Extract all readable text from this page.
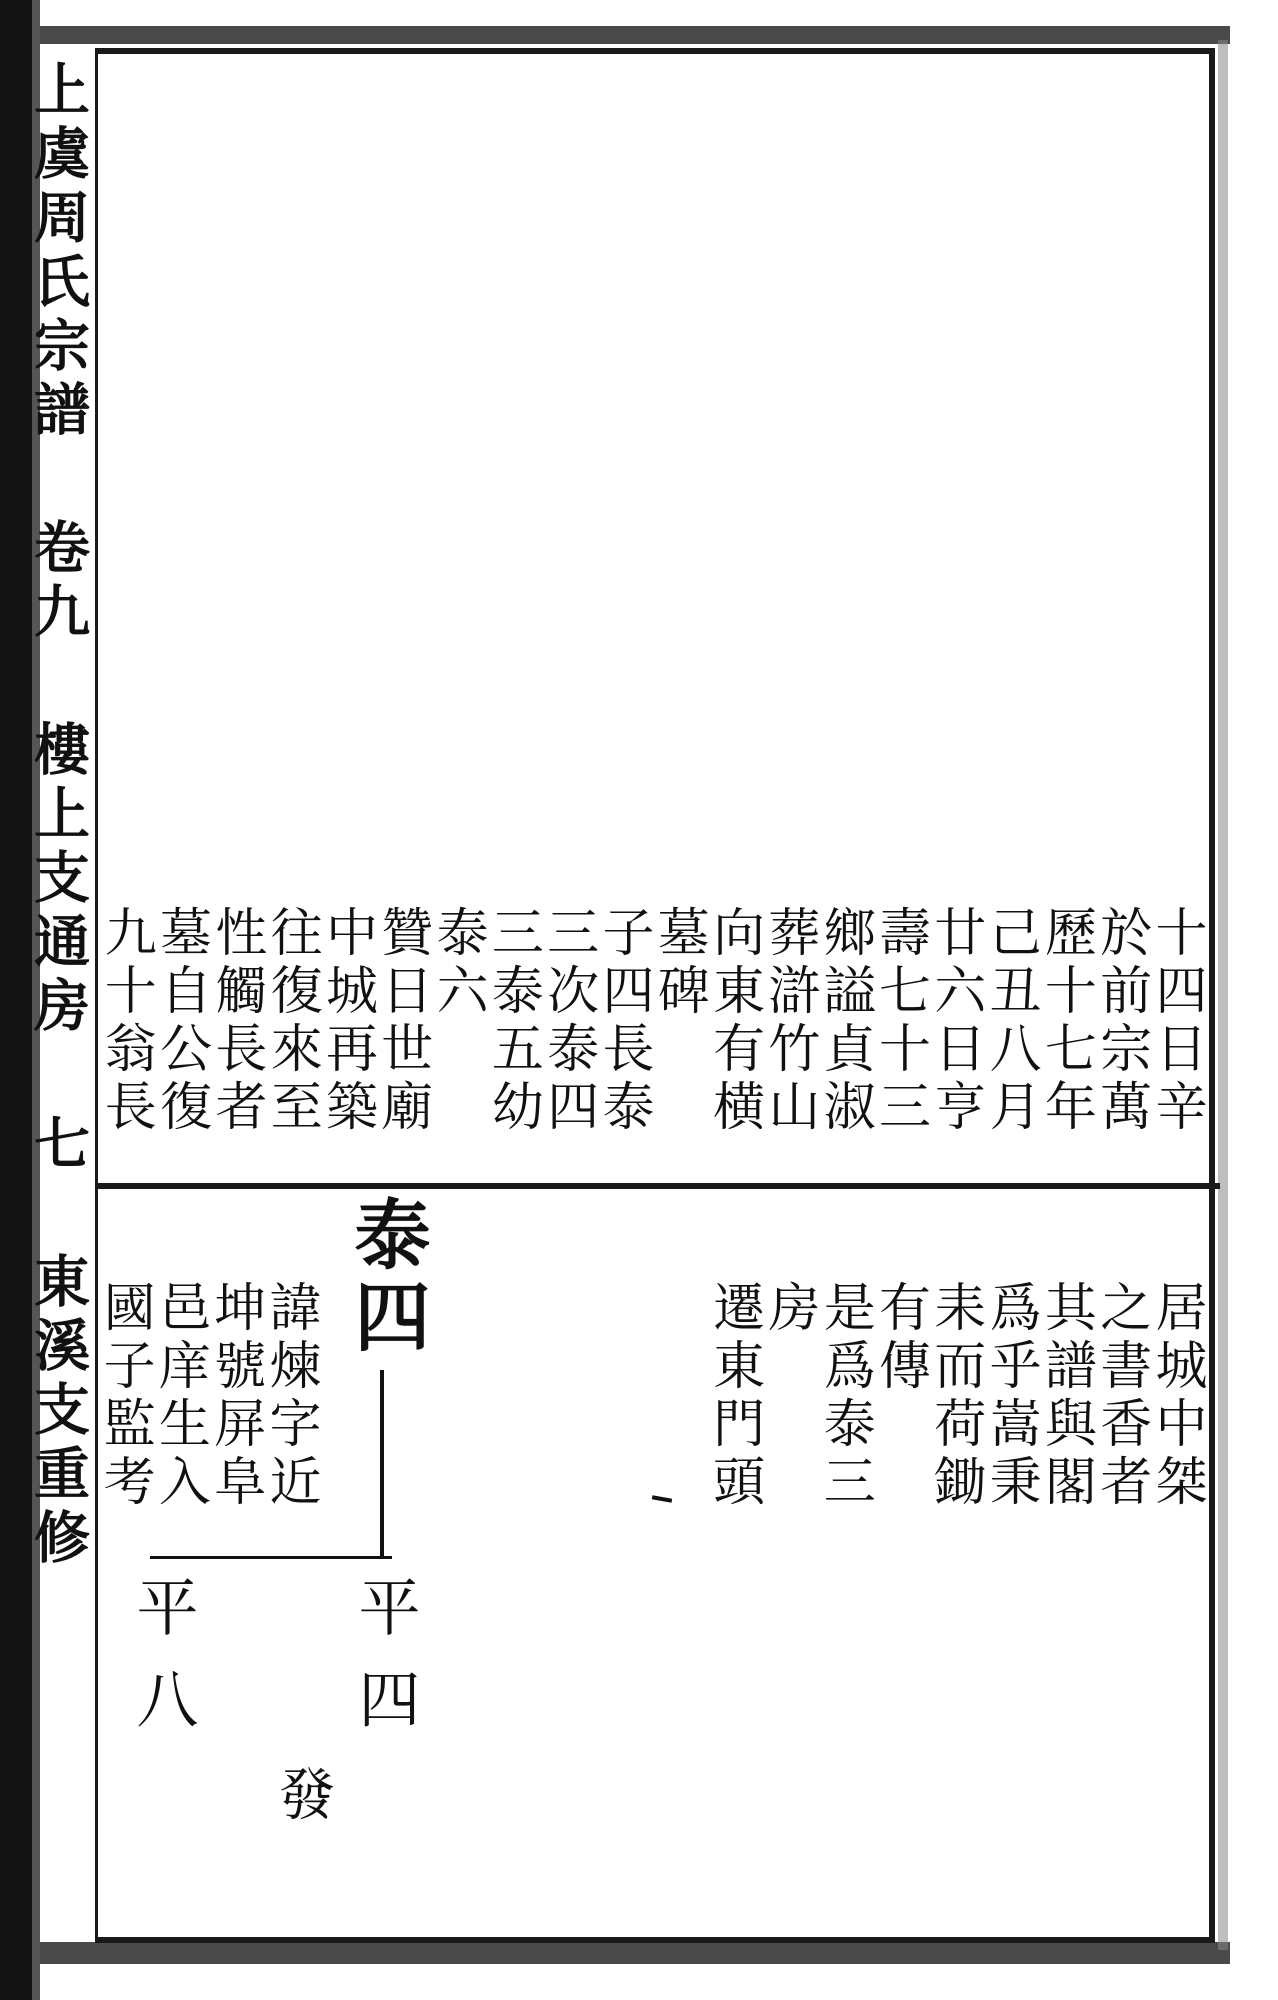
上虞周氏宗譜 卷九 樓上支通房 七 東溪支重修	十四日辛
於前宗萬
歷十七年
己丑八月
廿六日亨
壽七十三
鄉謚貞淑
葬滸竹山
向東有横
墓碑
子四長泰
三次泰四
三泰五幼
泰六
贊日世廟
中城再築
往復來至
性觸長者
墓自公復
九十翁長
居城中桀
之書香者
其譜與閣
爲乎嵩秉
耒而荷鋤
有傳
是爲泰三
房
遷東門頭
泰四
諱煉字近
坤號屏阜
邑庠生入
國子監考
平四
平八
發
